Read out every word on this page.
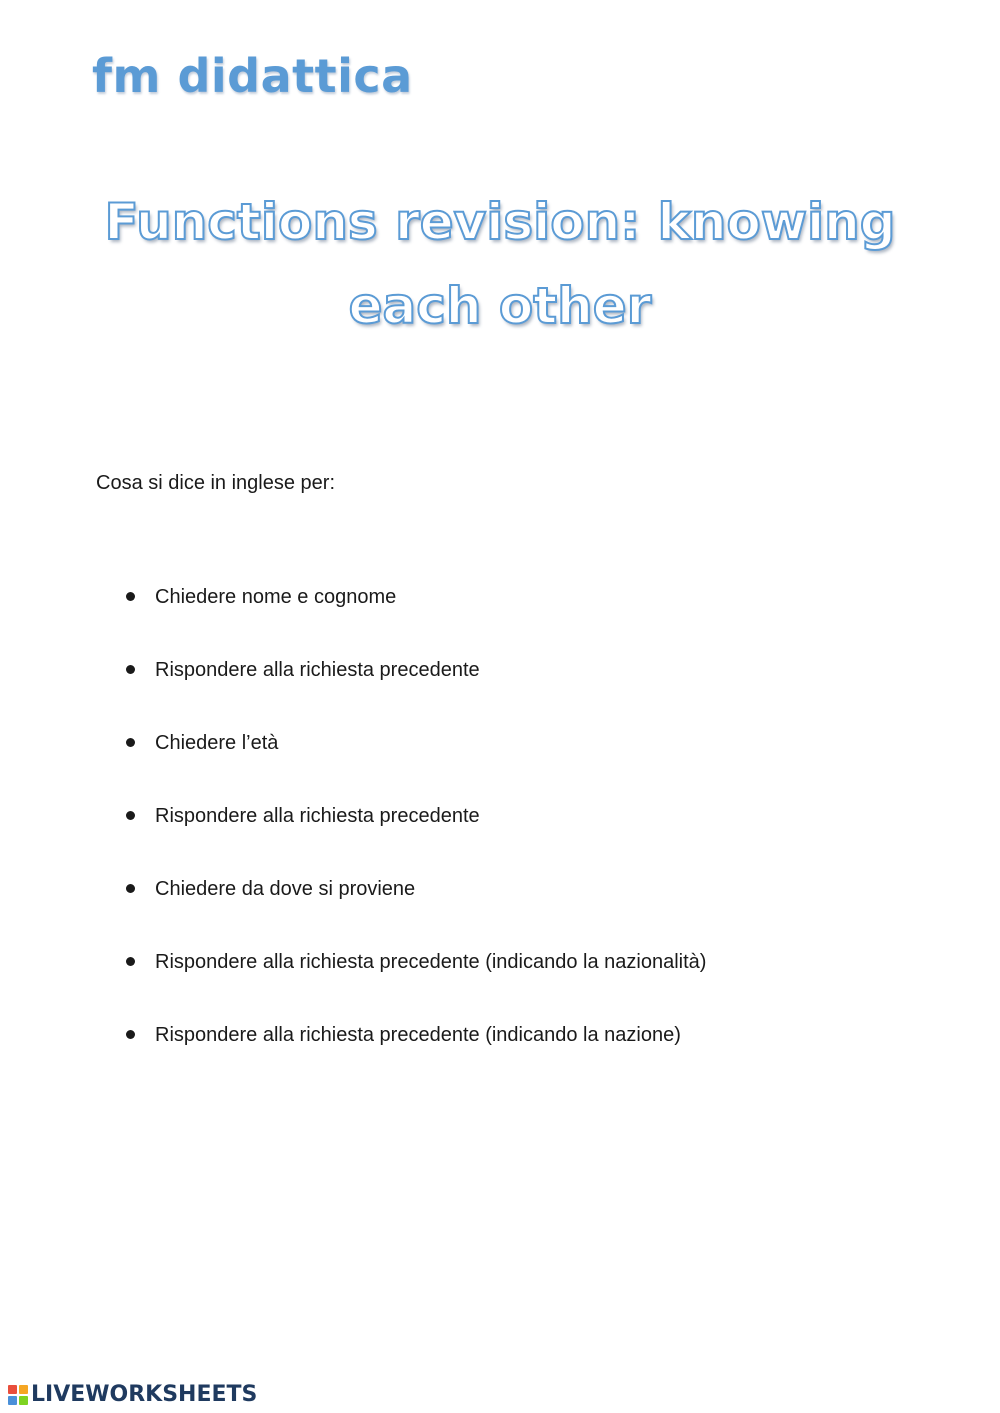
fm didattica
Functions revision: knowing
each other
Cosa si dice in inglese per:
Chiedere nome e cognome
Rispondere alla richiesta precedente
Chiedere l’età
Rispondere alla richiesta precedente
Chiedere da dove si proviene
Rispondere alla richiesta precedente (indicando la nazionalità)
Rispondere alla richiesta precedente (indicando la nazione)
LIVEWORKSHEETS
